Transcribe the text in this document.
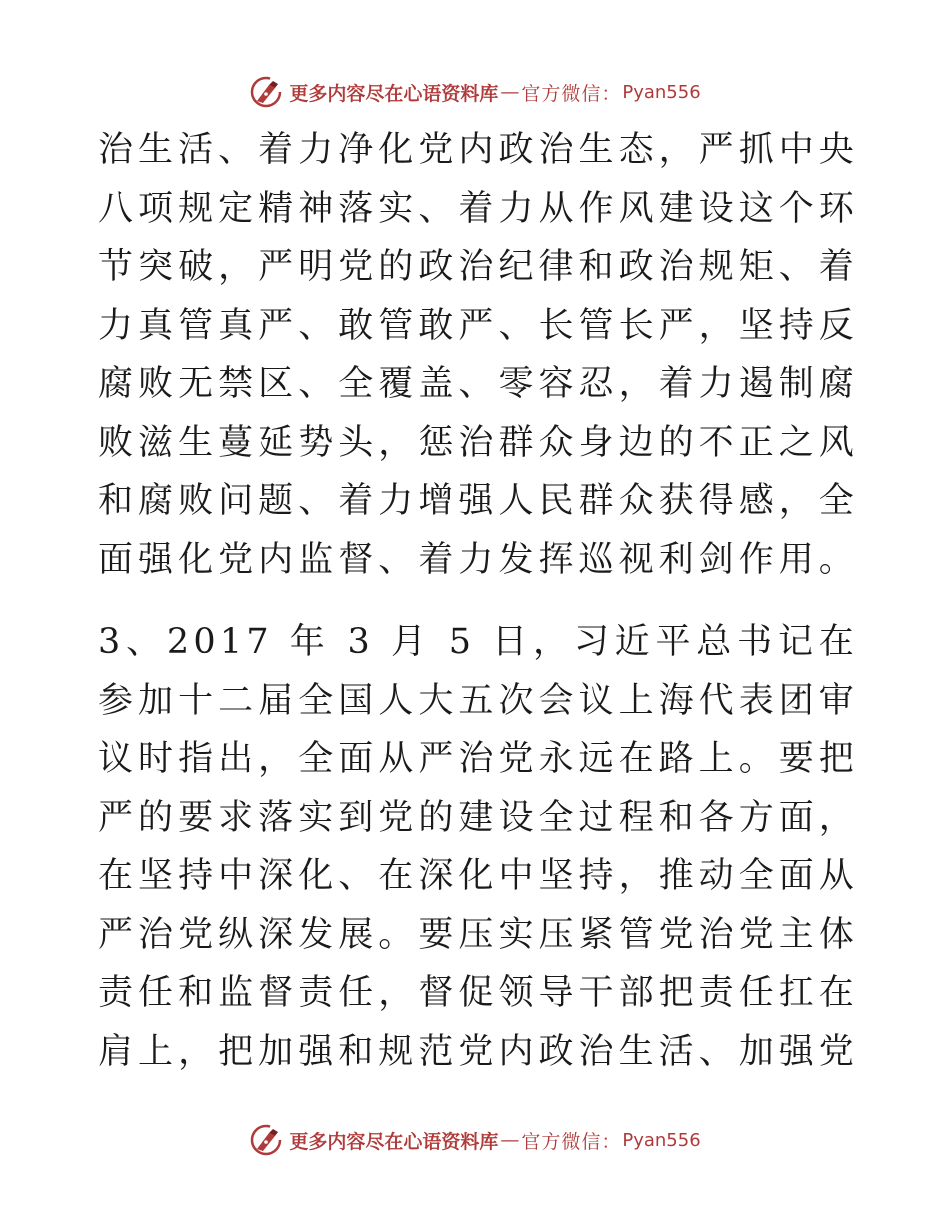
更多内容尽在心语资料库 — 官方微信 ： Pyan556

治生活、着力净化党内政治生态，严抓中央八项规定精神落实、着力从作风建设这个环节突破，严明党的政治纪律和政治规矩、着力真管真严、敢管敢严、长管长严，坚持反腐败无禁区、全覆盖、零容忍，着力遏制腐败滋生蔓延势头，惩治群众身边的不正之风和腐败问题、着力增强人民群众获得感，全面强化党内监督、着力发挥巡视利剑作用。

3、2017 年 3 月 5 日，习近平总书记在参加十二届全国人大五次会议上海代表团审议时指出，全面从严治党永远在路上。要把严的要求落实到党的建设全过程和各方面，在坚持中深化、在深化中坚持，推动全面从严治党纵深发展。要压实压紧管党治党主体责任和监督责任，督促领导干部把责任扛在肩上，把加强和规范党内政治生活、加强党

更多内容尽在心语资料库 — 官方微信 ： Pyan556
